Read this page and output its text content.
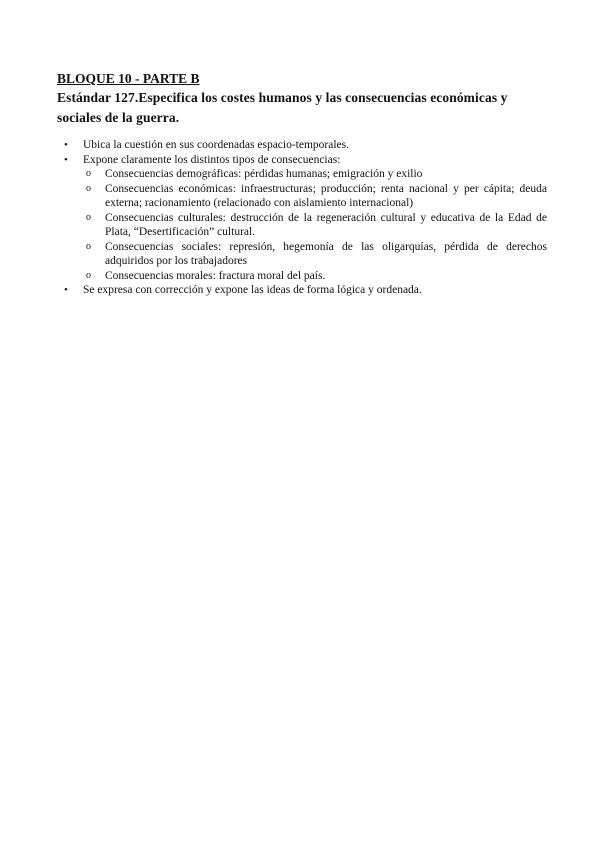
BLOQUE 10 - PARTE B

Estándar 127.Especifica los costes humanos y las consecuencias económicas y sociales de la guerra.

• Ubica la cuestión en sus coordenadas espacio-temporales.
• Expone claramente los distintos tipos de consecuencias:
o Consecuencias demográficas: pérdidas humanas; emigración y exilio
o Consecuencias económicas: infraestructuras; producción; renta nacional y per cápita; deuda externa; racionamiento (relacionado con aislamiento internacional)
o Consecuencias culturales: destrucción de la regeneración cultural y educativa de la Edad de Plata, “Desertificación” cultural.
o Consecuencias sociales: represión, hegemonía de las oligarquías, pérdida de derechos adquiridos por los trabajadores
o Consecuencias morales: fractura moral del país.
• Se expresa con corrección y expone las ideas de forma lógica y ordenada.
